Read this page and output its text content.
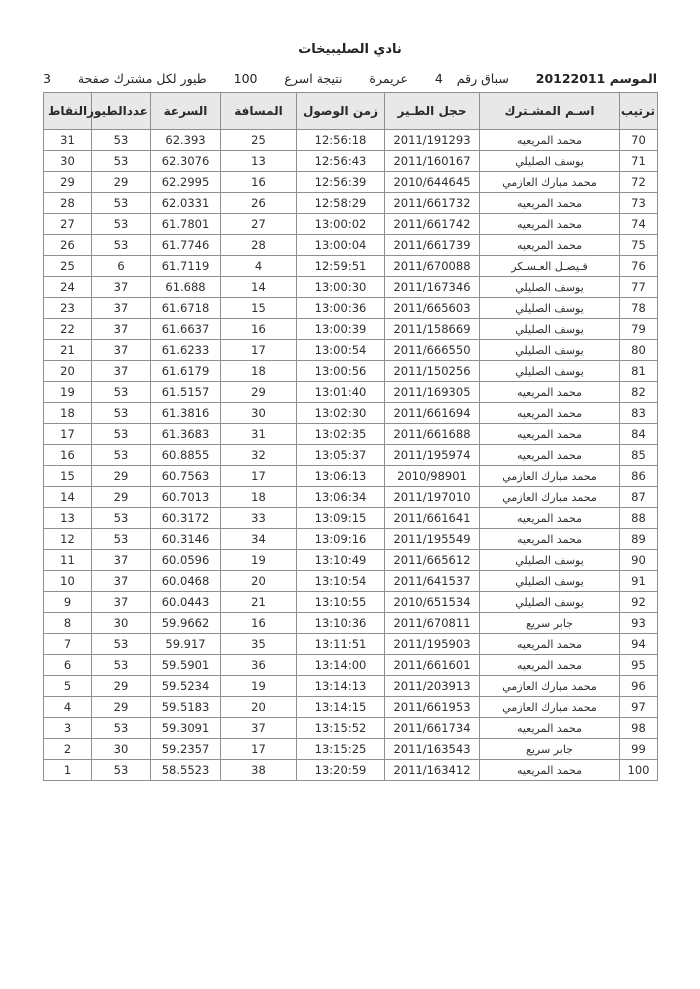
نادي الصليبيخات
الموسم 20122011
سباق رقم
4
عريمرة
نتيجة اسرع
100
طيور لكل مشترك صفحة
3
ترتيب	اسـم المشـترك	حجل الطـير	زمن الوصول	المسافة	السرعة	عددالطيور	النقاط
70	محمد المريعيه	2011/191293	12:56:18	25	62.393	53	31
71	يوسف الصليلي	2011/160167	12:56:43	13	62.3076	53	30
72	محمد مبارك العازمي	2010/644645	12:56:39	16	62.2995	29	29
73	محمد المريعيه	2011/661732	12:58:29	26	62.0331	53	28
74	محمد المريعيه	2011/661742	13:00:02	27	61.7801	53	27
75	محمد المريعيه	2011/661739	13:00:04	28	61.7746	53	26
76	فـيصـل العـسـكر	2011/670088	12:59:51	4	61.7119	6	25
77	يوسف الصليلي	2011/167346	13:00:30	14	61.688	37	24
78	يوسف الصليلي	2011/665603	13:00:36	15	61.6718	37	23
79	يوسف الصليلي	2011/158669	13:00:39	16	61.6637	37	22
80	يوسف الصليلي	2011/666550	13:00:54	17	61.6233	37	21
81	يوسف الصليلي	2011/150256	13:00:56	18	61.6179	37	20
82	محمد المريعيه	2011/169305	13:01:40	29	61.5157	53	19
83	محمد المريعيه	2011/661694	13:02:30	30	61.3816	53	18
84	محمد المريعيه	2011/661688	13:02:35	31	61.3683	53	17
85	محمد المريعيه	2011/195974	13:05:37	32	60.8855	53	16
86	محمد مبارك العازمي	2010/98901	13:06:13	17	60.7563	29	15
87	محمد مبارك العازمي	2011/197010	13:06:34	18	60.7013	29	14
88	محمد المريعيه	2011/661641	13:09:15	33	60.3172	53	13
89	محمد المريعيه	2011/195549	13:09:16	34	60.3146	53	12
90	يوسف الصليلي	2011/665612	13:10:49	19	60.0596	37	11
91	يوسف الصليلي	2011/641537	13:10:54	20	60.0468	37	10
92	يوسف الصليلي	2010/651534	13:10:55	21	60.0443	37	9
93	جابر سريع	2011/670811	13:10:36	16	59.9662	30	8
94	محمد المريعيه	2011/195903	13:11:51	35	59.917	53	7
95	محمد المريعيه	2011/661601	13:14:00	36	59.5901	53	6
96	محمد مبارك العازمي	2011/203913	13:14:13	19	59.5234	29	5
97	محمد مبارك العازمي	2011/661953	13:14:15	20	59.5183	29	4
98	محمد المريعيه	2011/661734	13:15:52	37	59.3091	53	3
99	جابر سريع	2011/163543	13:15:25	17	59.2357	30	2
100	محمد المريعيه	2011/163412	13:20:59	38	58.5523	53	1
